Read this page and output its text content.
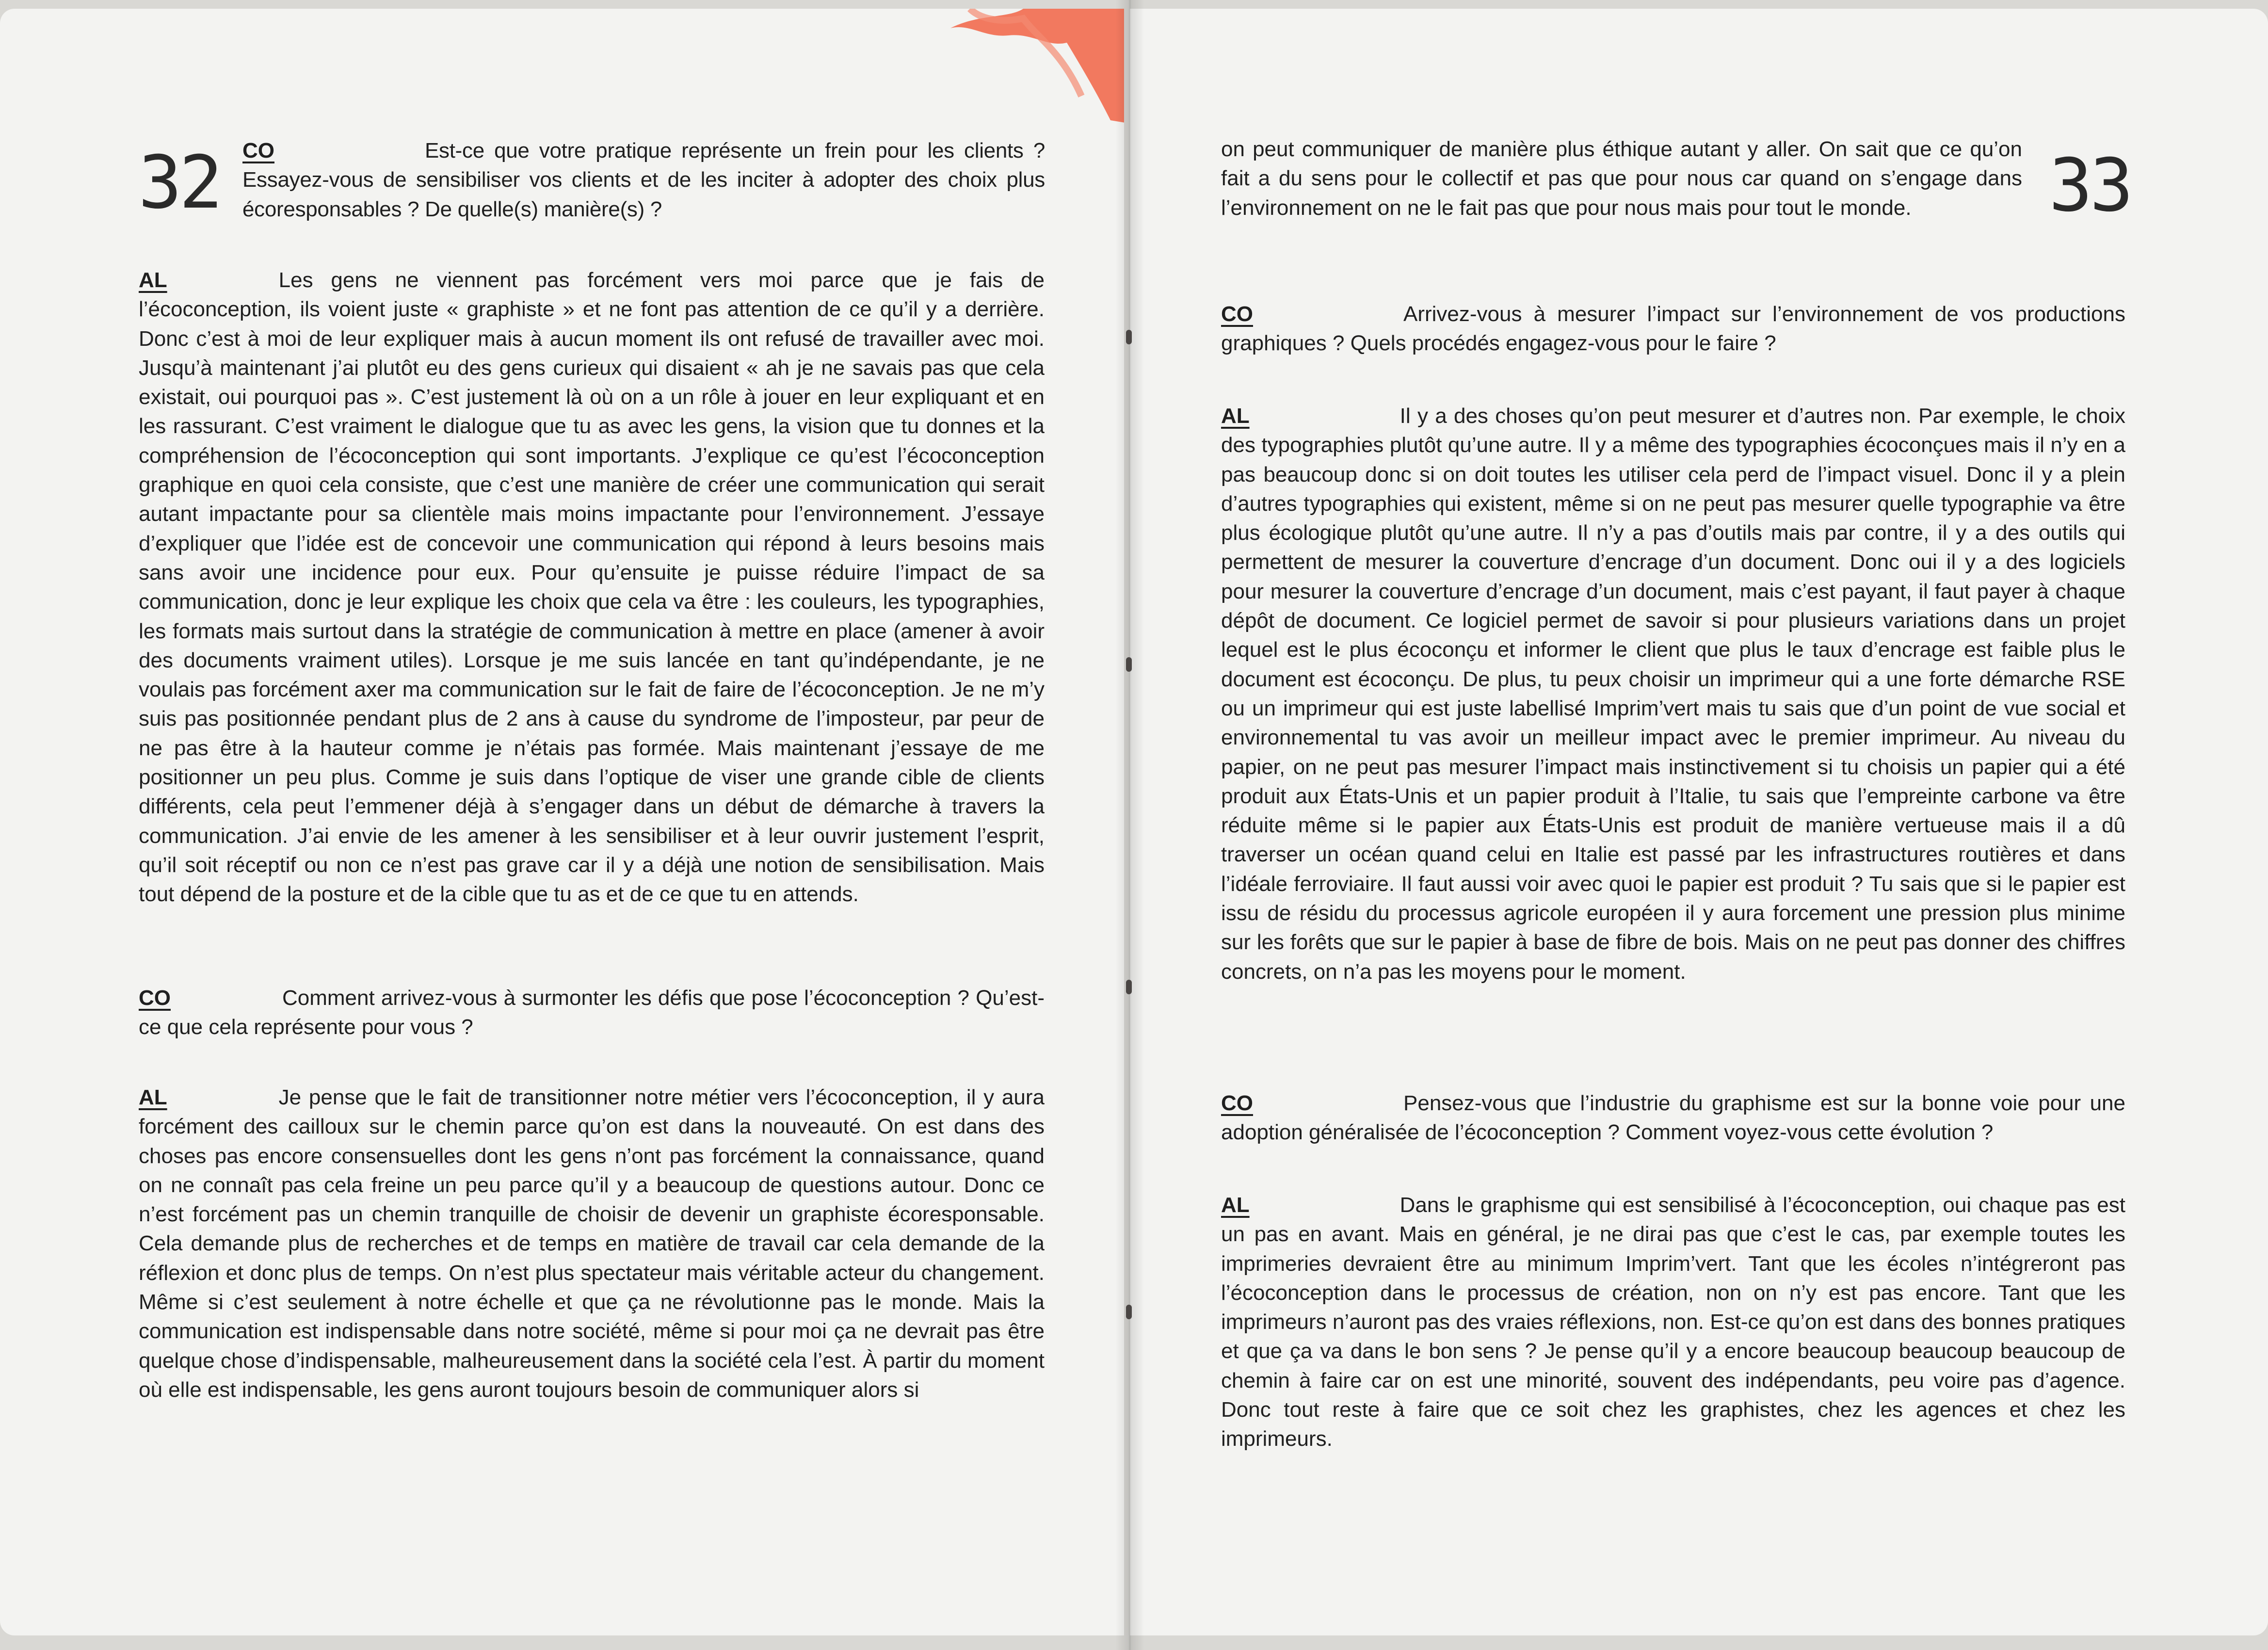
32 CO	Est-ce que votre pratique représente un frein pour les clients ? Essayez-vous de sensibiliser vos clients et de les inciter à adopter des choix plus écoresponsables ? De quelle(s) manière(s) ?

AL	Les gens ne viennent pas forcément vers moi parce que je fais de l’écoconception, ils voient juste « graphiste » et ne font pas attention de ce qu’il y a derrière. Donc c’est à moi de leur expliquer mais à aucun moment ils ont refusé de travailler avec moi. Jusqu’à maintenant j’ai plutôt eu des gens curieux qui disaient « ah je ne savais pas que cela existait, oui pourquoi pas ». C’est justement là où on a un rôle à jouer en leur expliquant et en les rassurant. C’est vraiment le dialogue que tu as avec les gens, la vision que tu donnes et la compréhension de l’écoconception qui sont importants. J’explique ce qu’est l’écoconception graphique en quoi cela consiste, que c’est une manière de créer une communication qui serait autant impactante pour sa clientèle mais moins impactante pour l’environnement. J’essaye d’expliquer que l’idée est de concevoir une communication qui répond à leurs besoins mais sans avoir une incidence pour eux. Pour qu’ensuite je puisse réduire l’impact de sa communication, donc je leur explique les choix que cela va être : les couleurs, les typographies, les formats mais surtout dans la stratégie de communication à mettre en place (amener à avoir des documents vraiment utiles). Lorsque je me suis lancée en tant qu’indépendante, je ne voulais pas forcément axer ma communication sur le fait de faire de l’écoconception. Je ne m’y suis pas positionnée pendant plus de 2 ans à cause du syndrome de l’imposteur, par peur de ne pas être à la hauteur comme je n’étais pas formée. Mais maintenant j’essaye de me positionner un peu plus. Comme je suis dans l’optique de viser une grande cible de clients différents, cela peut l’emmener déjà à s’engager dans un début de démarche à travers la communication. J’ai envie de les amener à les sensibiliser et à leur ouvrir justement l’esprit, qu’il soit réceptif ou non ce n’est pas grave car il y a déjà une notion de sensibilisation. Mais tout dépend de la posture et de la cible que tu as et de ce que tu en attends.

CO	Comment arrivez-vous à surmonter les défis que pose l’écoconception ? Qu’est-ce que cela représente pour vous ?

AL	Je pense que le fait de transitionner notre métier vers l’écoconception, il y aura forcément des cailloux sur le chemin parce qu’on est dans la nouveauté. On est dans des choses pas encore consensuelles dont les gens n’ont pas forcément la connaissance, quand on ne connaît pas cela freine un peu parce qu’il y a beaucoup de questions autour. Donc ce n’est forcément pas un chemin tranquille de choisir de devenir un graphiste écoresponsable. Cela demande plus de recherches et de temps en matière de travail car cela demande de la réflexion et donc plus de temps. On n’est plus spectateur mais véritable acteur du changement. Même si c’est seulement à notre échelle et que ça ne révolutionne pas le monde. Mais la communication est indispensable dans notre société, même si pour moi ça ne devrait pas être quelque chose d’indispensable, malheureusement dans la société cela l’est. À partir du moment où elle est indispensable, les gens auront toujours besoin de communiquer alors si

on peut communiquer de manière plus éthique autant y aller. On sait que ce qu’on fait a du sens pour le collectif et pas que pour nous car quand on s’engage dans l’environnement on ne le fait pas que pour nous mais pour tout le monde.	33

CO	Arrivez-vous à mesurer l’impact sur l’environnement de vos productions graphiques ? Quels procédés engagez-vous pour le faire ?

AL	Il y a des choses qu’on peut mesurer et d’autres non. Par exemple, le choix des typographies plutôt qu’une autre. Il y a même des typographies écoconçues mais il n’y en a pas beaucoup donc si on doit toutes les utiliser cela perd de l’impact visuel. Donc il y a plein d’autres typographies qui existent, même si on ne peut pas mesurer quelle typographie va être plus écologique plutôt qu’une autre. Il n’y a pas d’outils mais par contre, il y a des outils qui permettent de mesurer la couverture d’encrage d’un document. Donc oui il y a des logiciels pour mesurer la couverture d’encrage d’un document, mais c’est payant, il faut payer à chaque dépôt de document. Ce logiciel permet de savoir si pour plusieurs variations dans un projet lequel est le plus écoconçu et informer le client que plus le taux d’encrage est faible plus le document est écoconçu. De plus, tu peux choisir un imprimeur qui a une forte démarche RSE ou un imprimeur qui est juste labellisé Imprim’vert mais tu sais que d’un point de vue social et environnemental tu vas avoir un meilleur impact avec le premier imprimeur. Au niveau du papier, on ne peut pas mesurer l’impact mais instinctivement si tu choisis un papier qui a été produit aux États-Unis et un papier produit à l’Italie, tu sais que l’empreinte carbone va être réduite même si le papier aux États-Unis est produit de manière vertueuse mais il a dû traverser un océan quand celui en Italie est passé par les infrastructures routières et dans l’idéale ferroviaire. Il faut aussi voir avec quoi le papier est produit ? Tu sais que si le papier est issu de résidu du processus agricole européen il y aura forcement une pression plus minime sur les forêts que sur le papier à base de fibre de bois. Mais on ne peut pas donner des chiffres concrets, on n’a pas les moyens pour le moment.

CO	Pensez-vous que l’industrie du graphisme est sur la bonne voie pour une adoption généralisée de l’écoconception ? Comment voyez-vous cette évolution ?

AL	Dans le graphisme qui est sensibilisé à l’écoconception, oui chaque pas est un pas en avant. Mais en général, je ne dirai pas que c’est le cas, par exemple toutes les imprimeries devraient être au minimum Imprim’vert. Tant que les écoles n’intégreront pas l’écoconception dans le processus de création, non on n’y est pas encore. Tant que les imprimeurs n’auront pas des vraies réflexions, non. Est-ce qu’on est dans des bonnes pratiques et que ça va dans le bon sens ? Je pense qu’il y a encore beaucoup beaucoup beaucoup de chemin à faire car on est une minorité, souvent des indépendants, peu voire pas d’agence. Donc tout reste à faire que ce soit chez les graphistes, chez les agences et chez les imprimeurs.
